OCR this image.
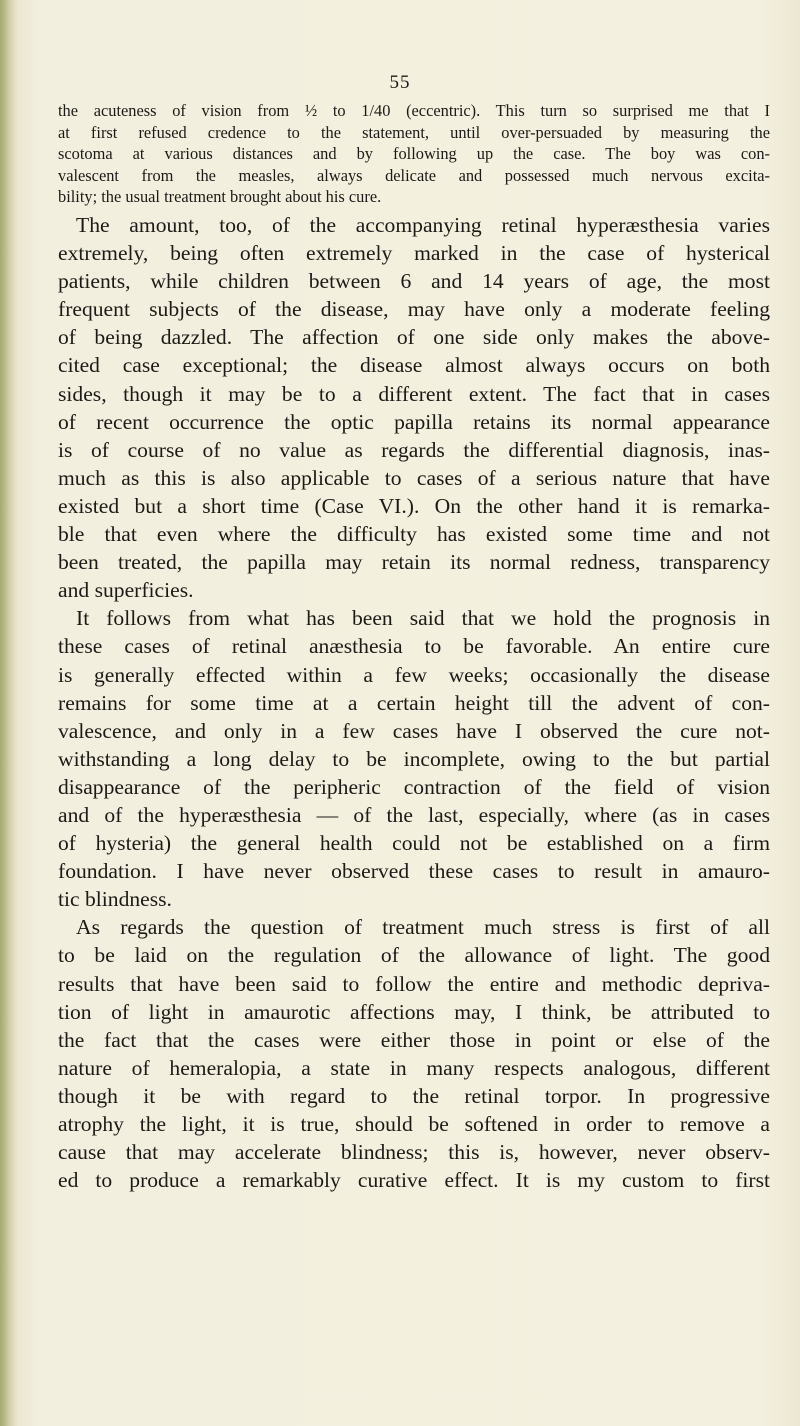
55
the acuteness of vision from ½ to 1/40 (eccentric). This turn so surprised me that I
at first refused credence to the statement, until over-persuaded by measuring the
scotoma at various distances and by following up the case. The boy was con-
valescent from the measles, always delicate and possessed much nervous excita-
bility; the usual treatment brought about his cure.
The amount, too, of the accompanying retinal hyperæsthesia varies
extremely, being often extremely marked in the case of hysterical
patients, while children between 6 and 14 years of age, the most
frequent subjects of the disease, may have only a moderate feeling
of being dazzled. The affection of one side only makes the above-
cited case exceptional; the disease almost always occurs on both
sides, though it may be to a different extent. The fact that in cases
of recent occurrence the optic papilla retains its normal appearance
is of course of no value as regards the differential diagnosis, inas-
much as this is also applicable to cases of a serious nature that have
existed but a short time (Case VI.). On the other hand it is remarka-
ble that even where the difficulty has existed some time and not
been treated, the papilla may retain its normal redness, transparency
and superficies.
It follows from what has been said that we hold the prognosis in
these cases of retinal anæsthesia to be favorable. An entire cure
is generally effected within a few weeks; occasionally the disease
remains for some time at a certain height till the advent of con-
valescence, and only in a few cases have I observed the cure not-
withstanding a long delay to be incomplete, owing to the but partial
disappearance of the peripheric contraction of the field of vision
and of the hyperæsthesia — of the last, especially, where (as in cases
of hysteria) the general health could not be established on a firm
foundation. I have never observed these cases to result in amauro-
tic blindness.
As regards the question of treatment much stress is first of all
to be laid on the regulation of the allowance of light. The good
results that have been said to follow the entire and methodic depriva-
tion of light in amaurotic affections may, I think, be attributed to
the fact that the cases were either those in point or else of the
nature of hemeralopia, a state in many respects analogous, different
though it be with regard to the retinal torpor. In progressive
atrophy the light, it is true, should be softened in order to remove a
cause that may accelerate blindness; this is, however, never observ-
ed to produce a remarkably curative effect. It is my custom to first
